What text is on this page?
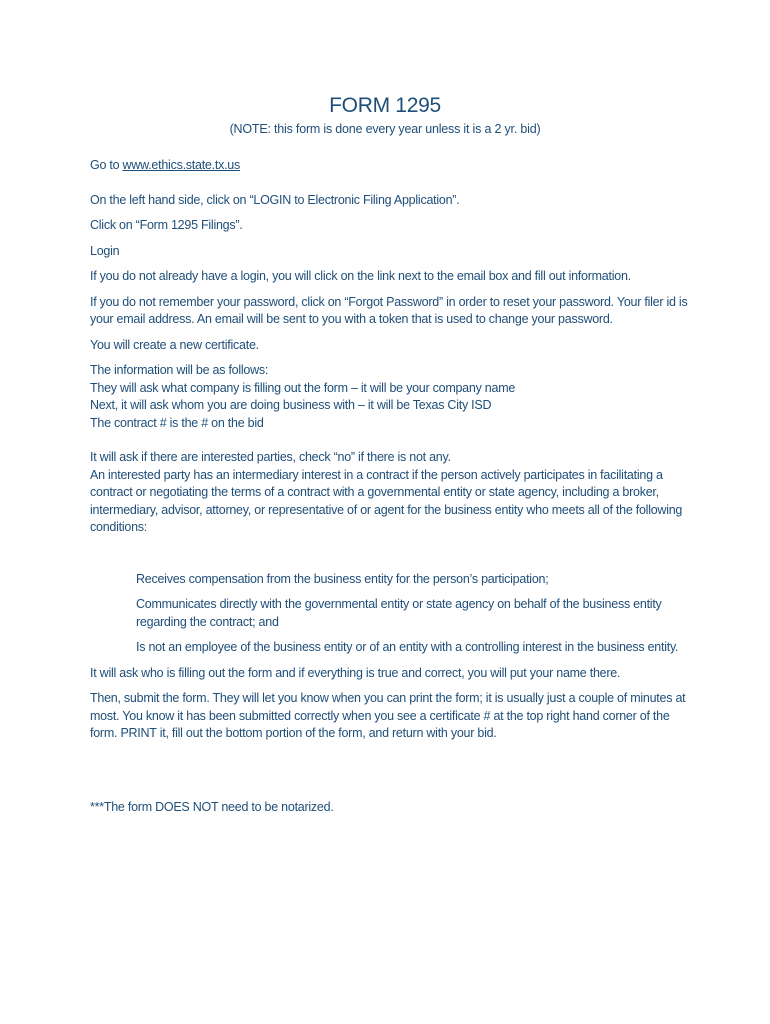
FORM 1295
(NOTE: this form is done every year unless it is a 2 yr. bid)

Go to www.ethics.state.tx.us

On the left hand side, click on “LOGIN to Electronic Filing Application”.

Click on “Form 1295 Filings”.

Login

If you do not already have a login, you will click on the link next to the email box and fill out information.

If you do not remember your password, click on “Forgot Password” in order to reset your password. Your filer id is your email address. An email will be sent to you with a token that is used to change your password.

You will create a new certificate.

The information will be as follows:

They will ask what company is filling out the form – it will be your company name

Next, it will ask whom you are doing business with – it will be Texas City ISD

The contract # is the # on the bid

It will ask if there are interested parties, check “no” if there is not any.

An interested party has an intermediary interest in a contract if the person actively participates in facilitating a contract or negotiating the terms of a contract with a governmental entity or state agency, including a broker, intermediary, advisor, attorney, or representative of or agent for the business entity who meets all of the following conditions:

Receives compensation from the business entity for the person’s participation;

Communicates directly with the governmental entity or state agency on behalf of the business entity regarding the contract; and

Is not an employee of the business entity or of an entity with a controlling interest in the business entity.

It will ask who is filling out the form and if everything is true and correct, you will put your name there.

Then, submit the form. They will let you know when you can print the form; it is usually just a couple of minutes at most. You know it has been submitted correctly when you see a certificate # at the top right hand corner of the form. PRINT it, fill out the bottom portion of the form, and return with your bid.

***The form DOES NOT need to be notarized.
